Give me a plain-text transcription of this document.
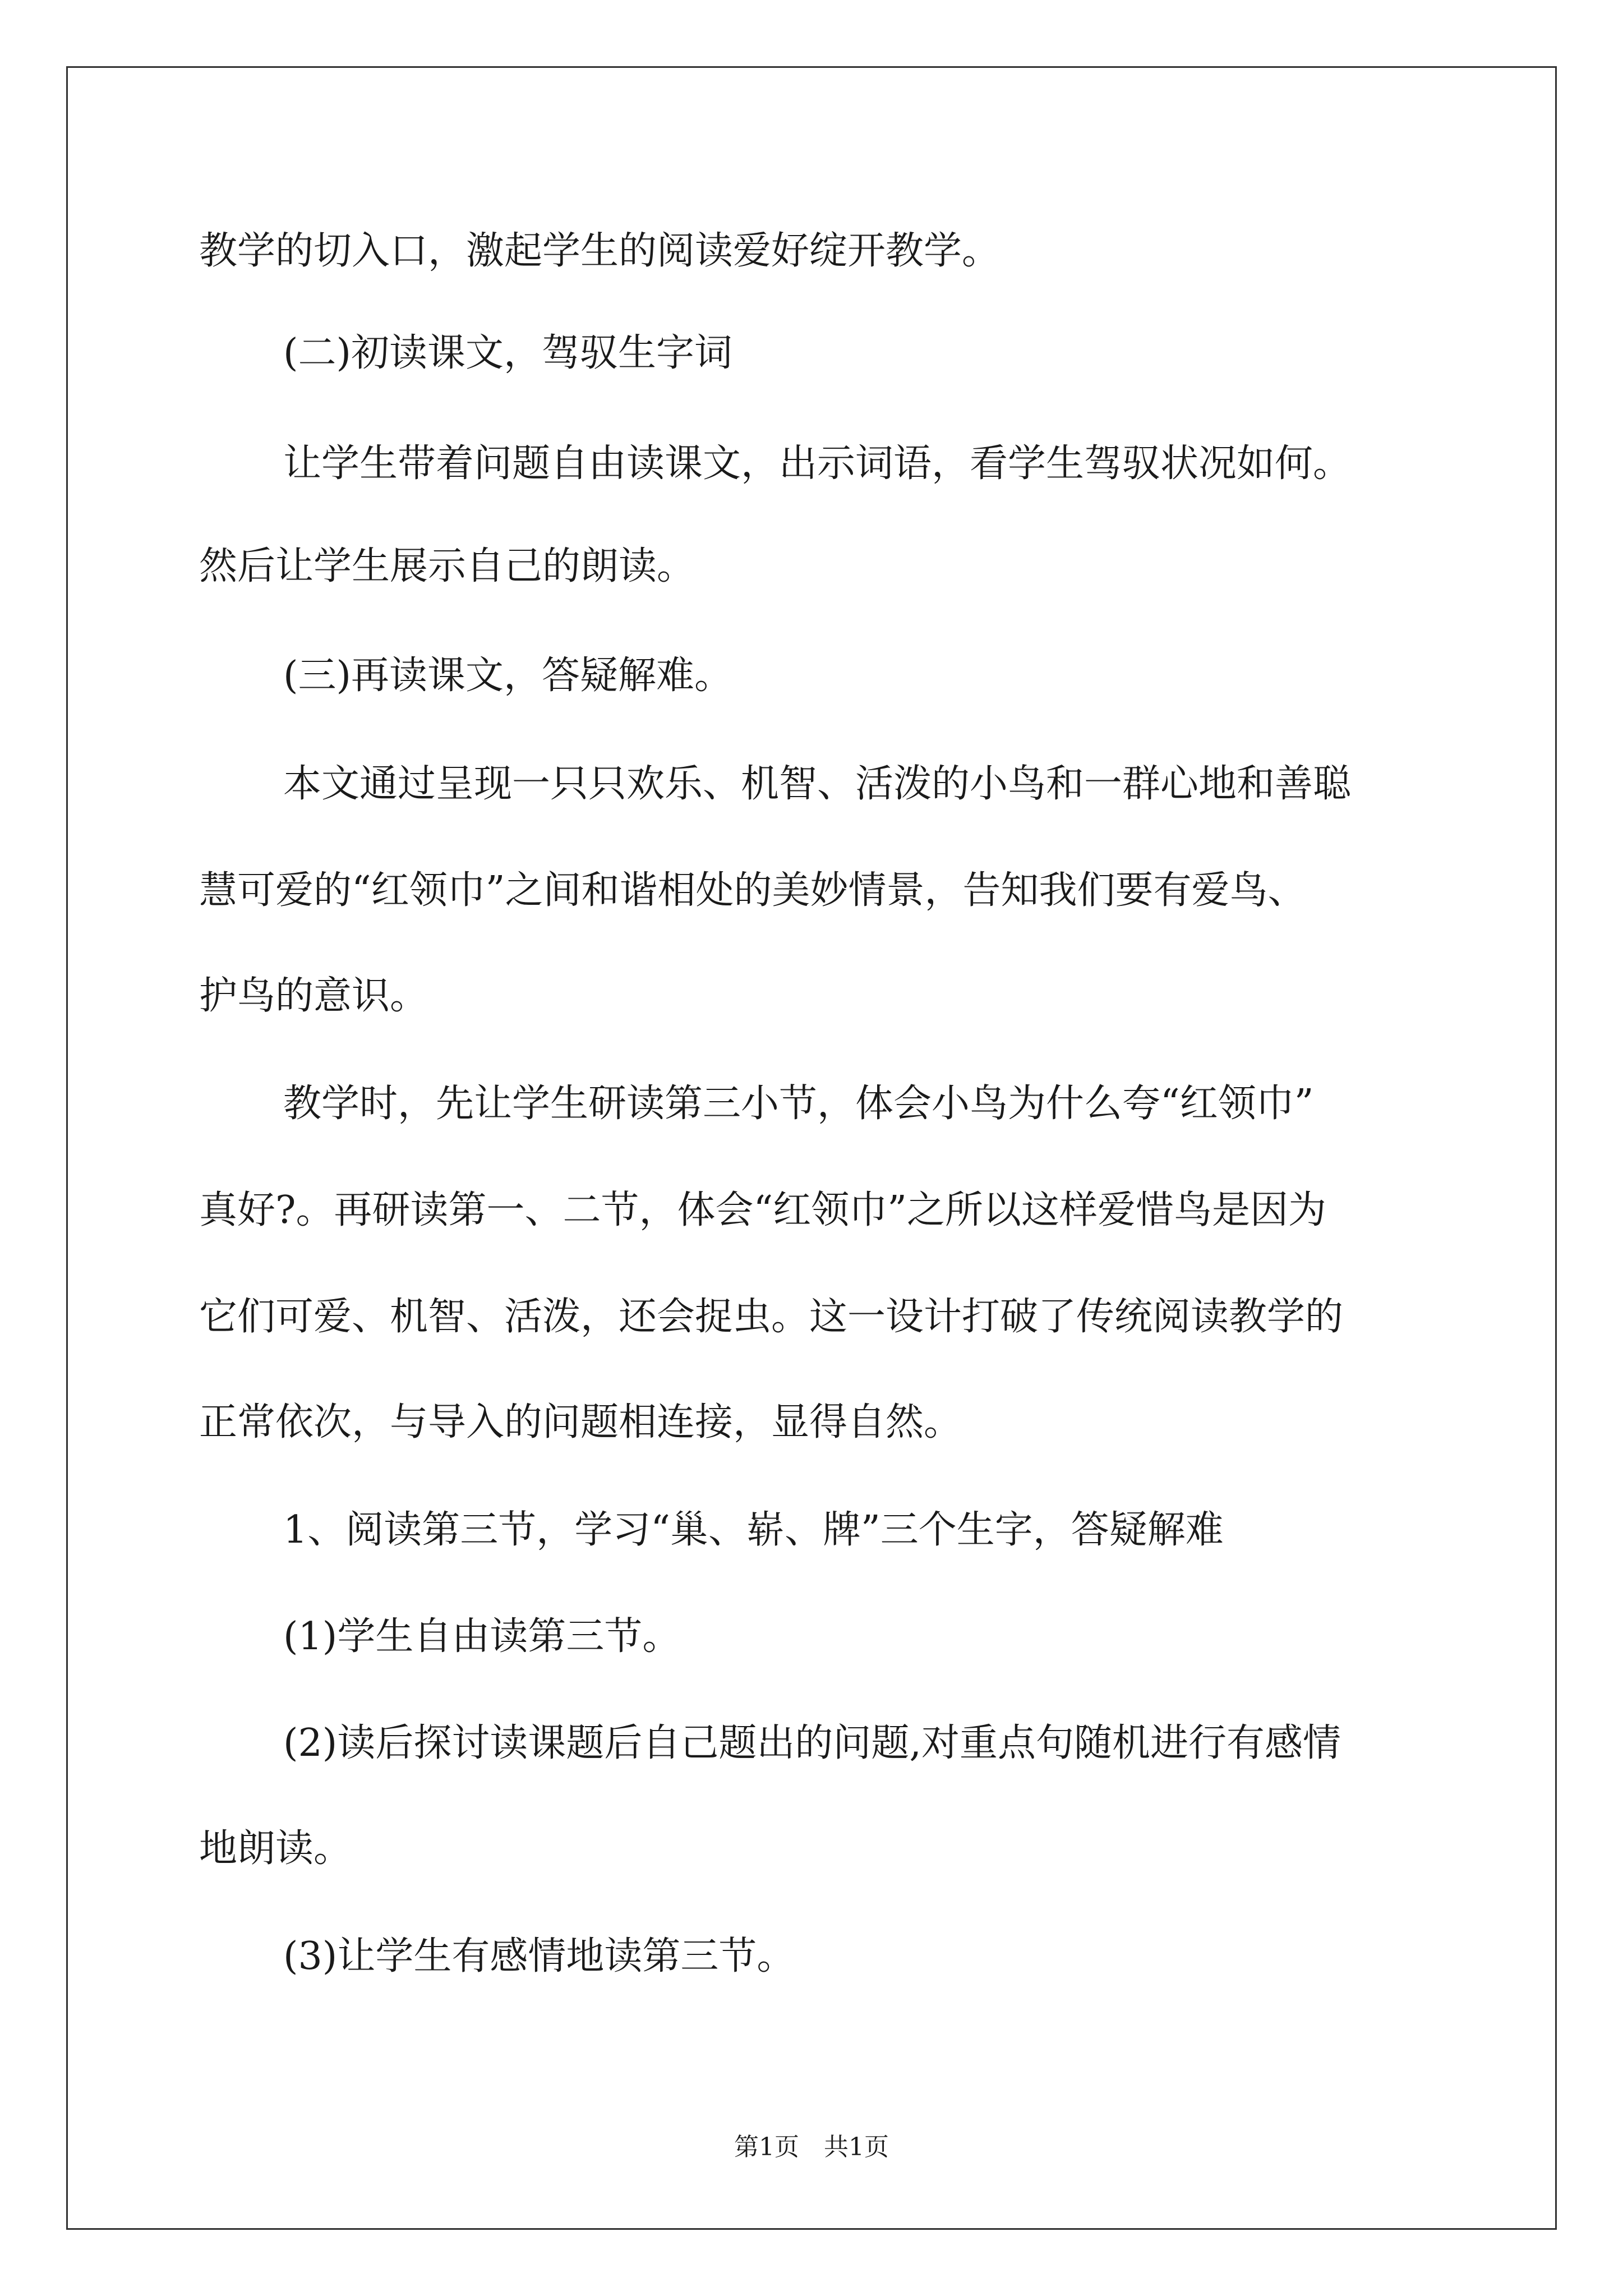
教学的切入口，激起学生的阅读爱好绽开教学。
(二)初读课文，驾驭生字词
让学生带着问题自由读课文，出示词语，看学生驾驭状况如何。
然后让学生展示自己的朗读。
(三)再读课文，答疑解难。
本文通过呈现一只只欢乐、机智、活泼的小鸟和一群心地和善聪
慧可爱的“红领巾”之间和谐相处的美妙情景，告知我们要有爱鸟、
护鸟的意识。
教学时，先让学生研读第三小节，体会小鸟为什么夸“红领巾”
真好?。再研读第一、二节，体会“红领巾”之所以这样爱惜鸟是因为
它们可爱、机智、活泼，还会捉虫。这一设计打破了传统阅读教学的
正常依次，与导入的问题相连接，显得自然。
1、阅读第三节，学习“巢、崭、牌”三个生字，答疑解难
(1)学生自由读第三节。
(2)读后探讨读课题后自己题出的问题,对重点句随机进行有感情
地朗读。
(3)让学生有感情地读第三节。
第1页　共1页
